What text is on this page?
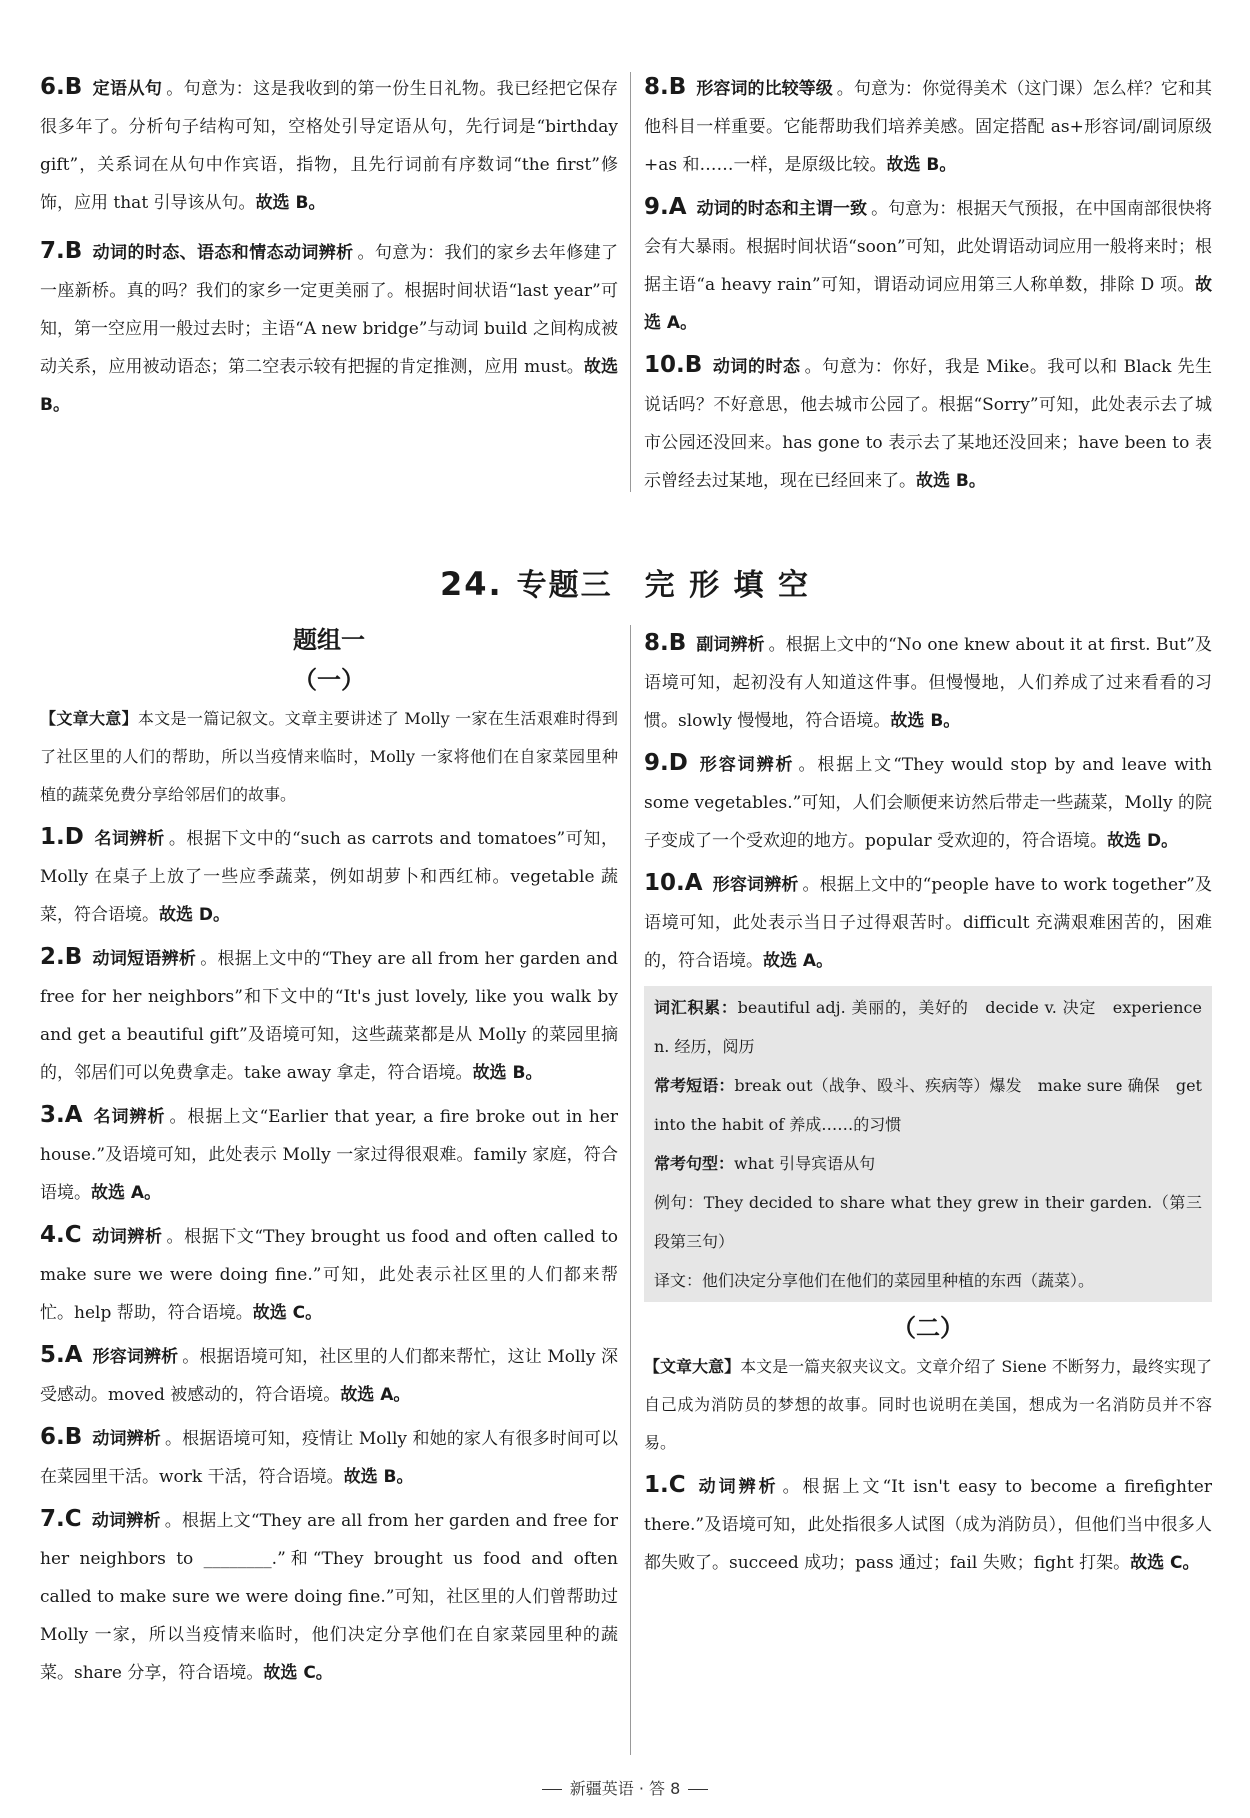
6.B 定语从句 。句意为：这是我收到的第一份生日礼物。我已经把它保存很多年了。分析句子结构可知，空格处引导定语从句，先行词是“birthday gift”，关系词在从句中作宾语，指物，且先行词前有序数词“the first”修饰，应用 that 引导该从句。故选 B。

7.B 动词的时态、语态和情态动词辨析 。句意为：我们的家乡去年修建了一座新桥。真的吗？我们的家乡一定更美丽了。根据时间状语“last year”可知，第一空应用一般过去时；主语“A new bridge”与动词 build 之间构成被动关系，应用被动语态；第二空表示较有把握的肯定推测，应用 must。故选 B。

8.B 形容词的比较等级 。句意为：你觉得美术（这门课）怎么样？它和其他科目一样重要。它能帮助我们培养美感。固定搭配 as+形容词/副词原级+as 和……一样，是原级比较。故选 B。

9.A 动词的时态和主谓一致 。句意为：根据天气预报，在中国南部很快将会有大暴雨。根据时间状语“soon”可知，此处谓语动词应用一般将来时；根据主语“a heavy rain”可知，谓语动词应用第三人称单数，排除 D 项。故选 A。

10.B 动词的时态 。句意为：你好，我是 Mike。我可以和 Black 先生说话吗？不好意思，他去城市公园了。根据“Sorry”可知，此处表示去了城市公园还没回来。has gone to 表示去了某地还没回来；have been to 表示曾经去过某地，现在已经回来了。故选 B。

24. 专题三　完 形 填 空

题组一

（一）

【文章大意】本文是一篇记叙文。文章主要讲述了 Molly 一家在生活艰难时得到了社区里的人们的帮助，所以当疫情来临时，Molly 一家将他们在自家菜园里种植的蔬菜免费分享给邻居们的故事。

1.D 名词辨析 。根据下文中的“such as carrots and tomatoes”可知，Molly 在桌子上放了一些应季蔬菜，例如胡萝卜和西红柿。vegetable 蔬菜，符合语境。故选 D。

2.B 动词短语辨析 。根据上文中的“They are all from her garden and free for her neighbors”和下文中的“It's just lovely, like you walk by and get a beautiful gift”及语境可知，这些蔬菜都是从 Molly 的菜园里摘的，邻居们可以免费拿走。take away 拿走，符合语境。故选 B。

3.A 名词辨析 。根据上文“Earlier that year, a fire broke out in her house.”及语境可知，此处表示 Molly 一家过得很艰难。family 家庭，符合语境。故选 A。

4.C 动词辨析 。根据下文“They brought us food and often called to make sure we were doing fine.”可知，此处表示社区里的人们都来帮忙。help 帮助，符合语境。故选 C。

5.A 形容词辨析 。根据语境可知，社区里的人们都来帮忙，这让 Molly 深受感动。moved 被感动的，符合语境。故选 A。

6.B 动词辨析 。根据语境可知，疫情让 Molly 和她的家人有很多时间可以在菜园里干活。work 干活，符合语境。故选 B。

7.C 动词辨析 。根据上文“They are all from her garden and free for her neighbors to ________.”和“They brought us food and often called to make sure we were doing fine.”可知，社区里的人们曾帮助过 Molly 一家，所以当疫情来临时，他们决定分享他们在自家菜园里种的蔬菜。share 分享，符合语境。故选 C。

8.B 副词辨析 。根据上文中的“No one knew about it at first. But”及语境可知，起初没有人知道这件事。但慢慢地，人们养成了过来看看的习惯。slowly 慢慢地，符合语境。故选 B。

9.D 形容词辨析 。根据上文“They would stop by and leave with some vegetables.”可知，人们会顺便来访然后带走一些蔬菜，Molly 的院子变成了一个受欢迎的地方。popular 受欢迎的，符合语境。故选 D。

10.A 形容词辨析 。根据上文中的“people have to work together”及语境可知，此处表示当日子过得艰苦时。difficult 充满艰难困苦的，困难的，符合语境。故选 A。

词汇积累：beautiful adj. 美丽的，美好的　decide v. 决定　experience n. 经历，阅历

常考短语：break out（战争、殴斗、疾病等）爆发　make sure 确保　get into the habit of 养成……的习惯

常考句型：what 引导宾语从句

例句：They decided to share what they grew in their garden.（第三段第三句）

译文：他们决定分享他们在他们的菜园里种植的东西（蔬菜）。

（二）

【文章大意】本文是一篇夹叙夹议文。文章介绍了 Siene 不断努力，最终实现了自己成为消防员的梦想的故事。同时也说明在美国，想成为一名消防员并不容易。

1.C 动词辨析 。根据上文“It isn't easy to become a firefighter there.”及语境可知，此处指很多人试图（成为消防员），但他们当中很多人都失败了。succeed 成功；pass 通过；fail 失败；fight 打架。故选 C。

新疆英语 · 答 8
